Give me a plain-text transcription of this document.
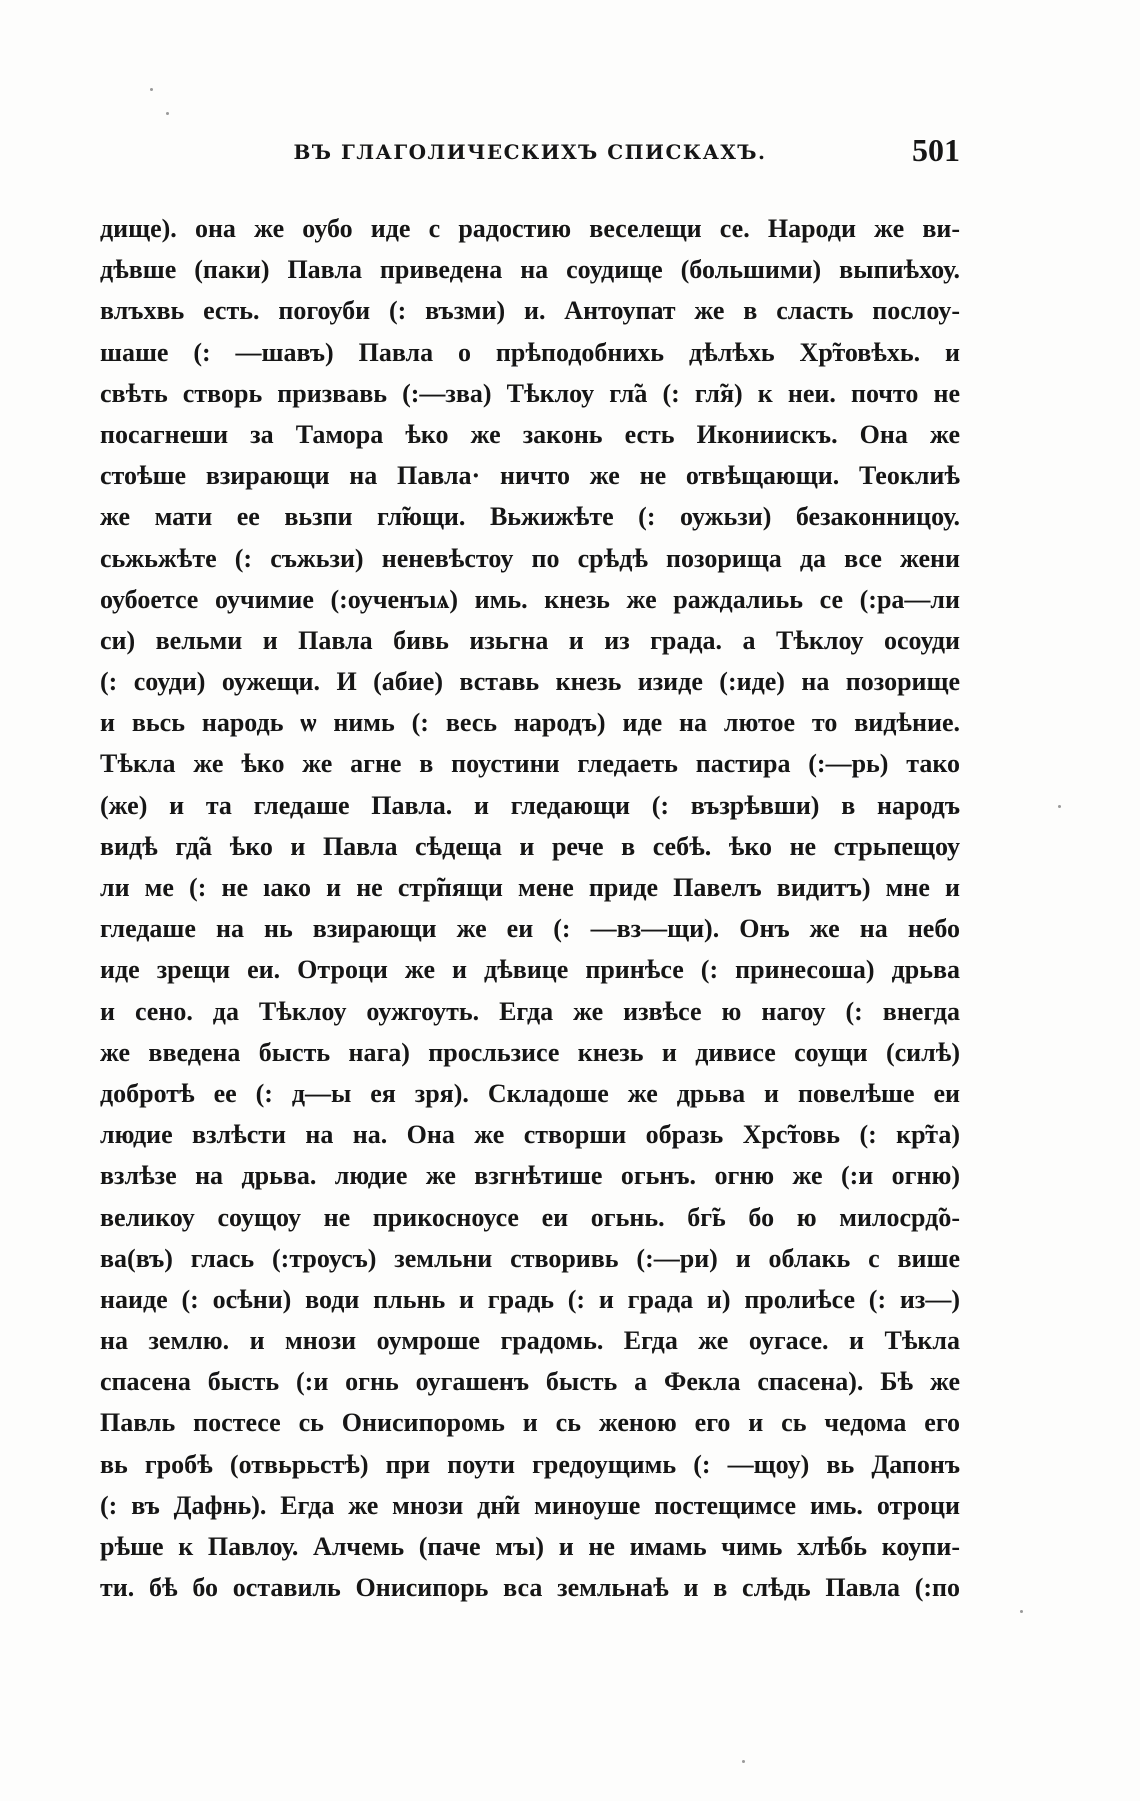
ВЪ ГЛАГОЛИЧЕСКИХЪ СПИСКАХЪ.	501
дище). она же оубо иде с радостию веселещи се. Народи же ви-
дѣвше (паки) Павла приведена на соудище (большими) выпиѣхоу.
влъхвь есть. погоуби (: възми) и. Антоупат же в сласть послоу-
шаше (: —шавъ) Павла о прѣподобнихь дѣлѣхь Хр̃товѣхь. и
свѣть створь призвавь (:—зва) Тѣклоу гл̃а (: гл̃я) к неи. почто не
посагнеши за Тамора ѣко же законь есть Икониискъ. Она же
стоѣше взирающи на Павла· ничто же не отвѣщающи. Теоклиѣ
же мати ее вьзпи гл̃ющи. Вьжижѣте (: оужьзи) безаконницоу.
сьжьжѣте (: съжьзи) неневѣстоу по срѣдѣ позорища да все жени
оубоетсе оучимие (:оученъıѧ) имь. кнезь же раждалиьь се (:ра—ли
си) вельми и Павла бивь изьгна и из града. а Тѣклоу осоуди
(: соуди) оужещи. И (абие) вставь кнезь изиде (:иде) на позорище
и вьсь народь ѡ нимь (: весь народъ) иде на лютое то видѣние.
Тѣкла же ѣко же агне в поустини гледаеть пастира (:—рь) тако
(же) и та гледаше Павла. и гледающи (: възрѣвши) в народъ
видѣ гд̃а ѣко и Павла сѣдеща и рече в себѣ. ѣко не стрьпещоу
ли ме (: не ıако и не стр̃пящи мене приде Павелъ видитъ) мне и
гледаше на нь взирающи же еи (: —вз—щи). Онъ же на небо
иде зрещи еи. Отроци же и дѣвице принѣсе (: принесоша) дрьва
и сено. да Тѣклоу оужгоуть. Егда же извѣсе ю нагоу (: внегда
же введена бысть нага) просльзисе кнезь и дивисе соущи (силѣ)
добротѣ ее (: д—ы ея зря). Складоше же дрьва и повелѣше еи
людие взлѣсти на на. Она же створши образь Хрс̃товь (: кр̃та)
взлѣзе на дрьва. людие же взгнѣтише огьнъ. огню же (:и огню)
великоу соущоу не прикосноусе еи огьнь. бг̃ь бо ю милосрд̃о-
ва(въ) глась (:троусъ) земльни створивь (:—ри) и облакь с више
наиде (: осѣни) води пльнь и градь (: и града и) пролиѣсе (: из—)
на землю. и мнози оумроше градомь. Егда же оугасе. и Тѣкла
спасена бысть (:и огнь оугашенъ бысть а Фекла спасена). Бѣ же
Павль постесе сь Онисипоромь и сь женою его и сь чедома его
вь гробѣ (отвьрьстѣ) при поути гредоущимь (: —щоу) вь Дапонъ
(: въ Дафнь). Егда же мнози дн̃и миноуше постещимсе имь. отроци
рѣше к Павлоу. Алчемь (паче мъı) и не имамь чимь хлѣбь коупи-
ти. бѣ бо оставиль Онисипорь вса земльнаѣ и в слѣдь Павла (:по
